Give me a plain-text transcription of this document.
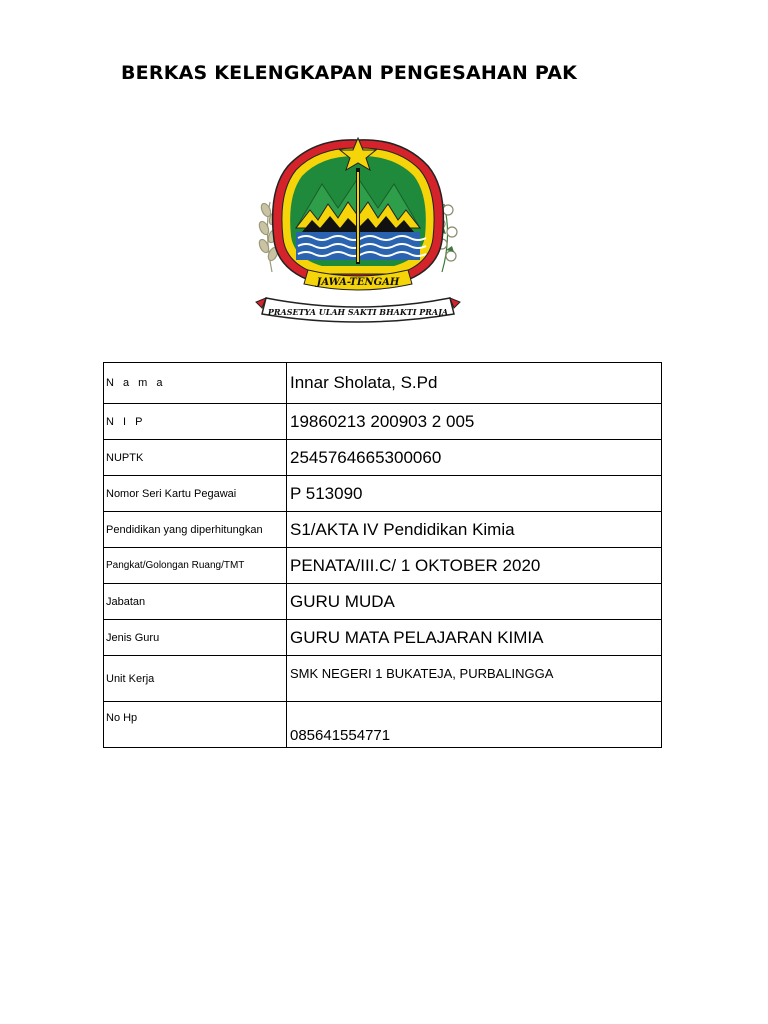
BERKAS KELENGKAPAN PENGESAHAN PAK
JAWA-TENGAH
PRASETYA ULAH SAKTI BHAKTI PRAJA
N a m a	Innar Sholata, S.Pd
N I P	19860213 200903 2 005
NUPTK	2545764665300060
Nomor Seri Kartu Pegawai	P 513090
Pendidikan yang diperhitungkan	S1/AKTA IV Pendidikan Kimia
Pangkat/Golongan Ruang/TMT	PENATA/III.C/ 1 OKTOBER 2020
Jabatan	GURU MUDA
Jenis Guru	GURU MATA PELAJARAN KIMIA
Unit Kerja	SMK NEGERI 1 BUKATEJA, PURBALINGGA
No Hp	085641554771
